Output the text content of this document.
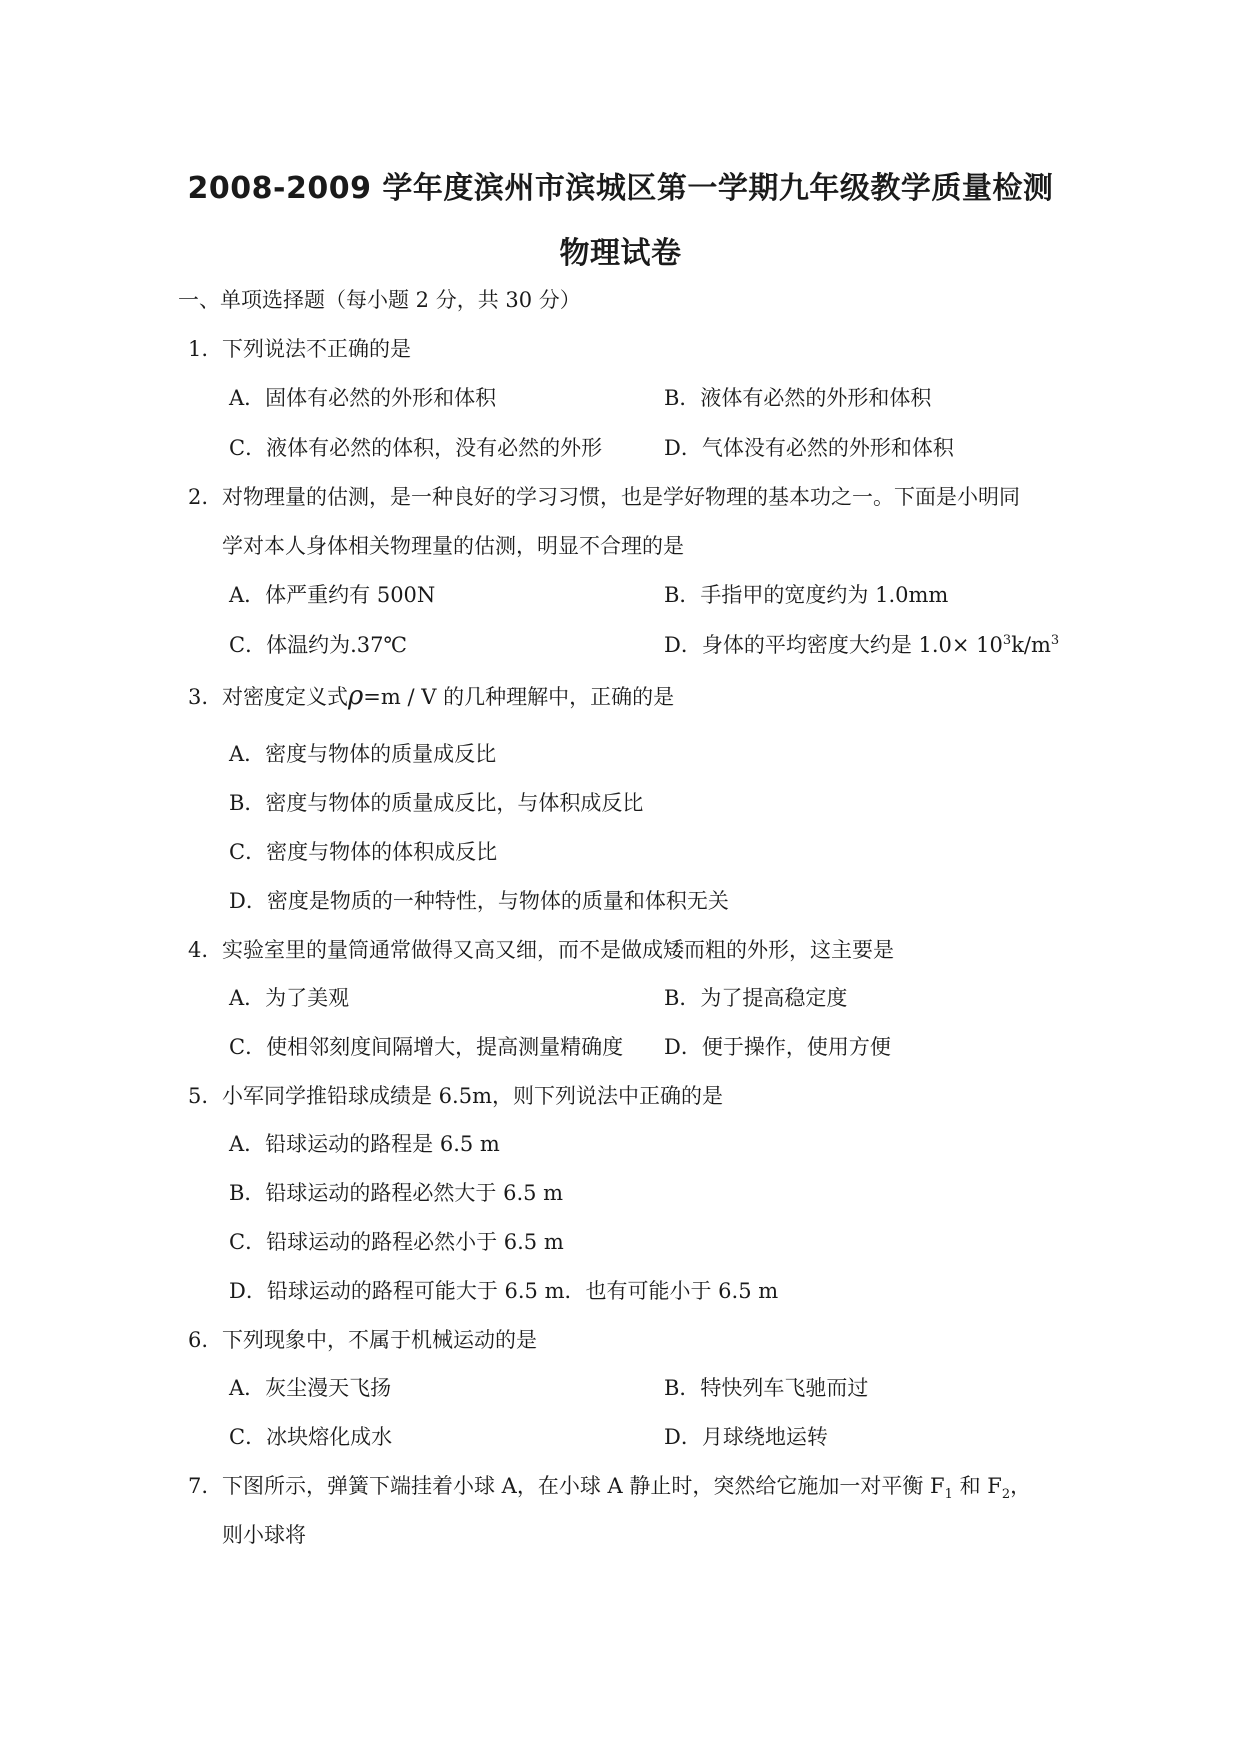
2008-2009 学年度滨州市滨城区第一学期九年级教学质量检测
物理试卷
一、单项选择题（每小题 2 分，共 30 分）
1. 下列说法不正确的是
A．固体有必然的外形和体积	B．液体有必然的外形和体积
C．液体有必然的体积，没有必然的外形	D．气体没有必然的外形和体积
2. 对物理量的估测，是一种良好的学习习惯，也是学好物理的基本功之一。下面是小明同
学对本人身体相关物理量的估测，明显不合理的是
A．体严重约有 500N	B．手指甲的宽度约为 1.0mm
C．体温约为.37℃	D．身体的平均密度大约是 $1.0\times 10^3k/m^3$
3. 对密度定义式ρ=m / V 的几种理解中，正确的是
A．密度与物体的质量成反比
B．密度与物体的质量成反比，与体积成反比
C．密度与物体的体积成反比
D．密度是物质的一种特性，与物体的质量和体积无关
4. 实验室里的量筒通常做得又高又细，而不是做成矮而粗的外形，这主要是
A．为了美观	B．为了提高稳定度
C．使相邻刻度间隔增大，提高测量精确度 D．便于操作，使用方便
5. 小军同学推铅球成绩是 6.5m，则下列说法中正确的是
A．铅球运动的路程是 6.5 m
B．铅球运动的路程必然大于 6.5 m
C．铅球运动的路程必然小于 6.5 m
D．铅球运动的路程可能大于 6.5 m．也有可能小于 6.5 m
6. 下列现象中，不属于机械运动的是
A．灰尘漫天飞扬	B．特快列车飞驰而过
C．冰块熔化成水	D．月球绕地运转
7. 下图所示，弹簧下端挂着小球 A，在小球 A 静止时，突然给它施加一对平衡 $F_1$ 和 $F_2$，
则小球将
